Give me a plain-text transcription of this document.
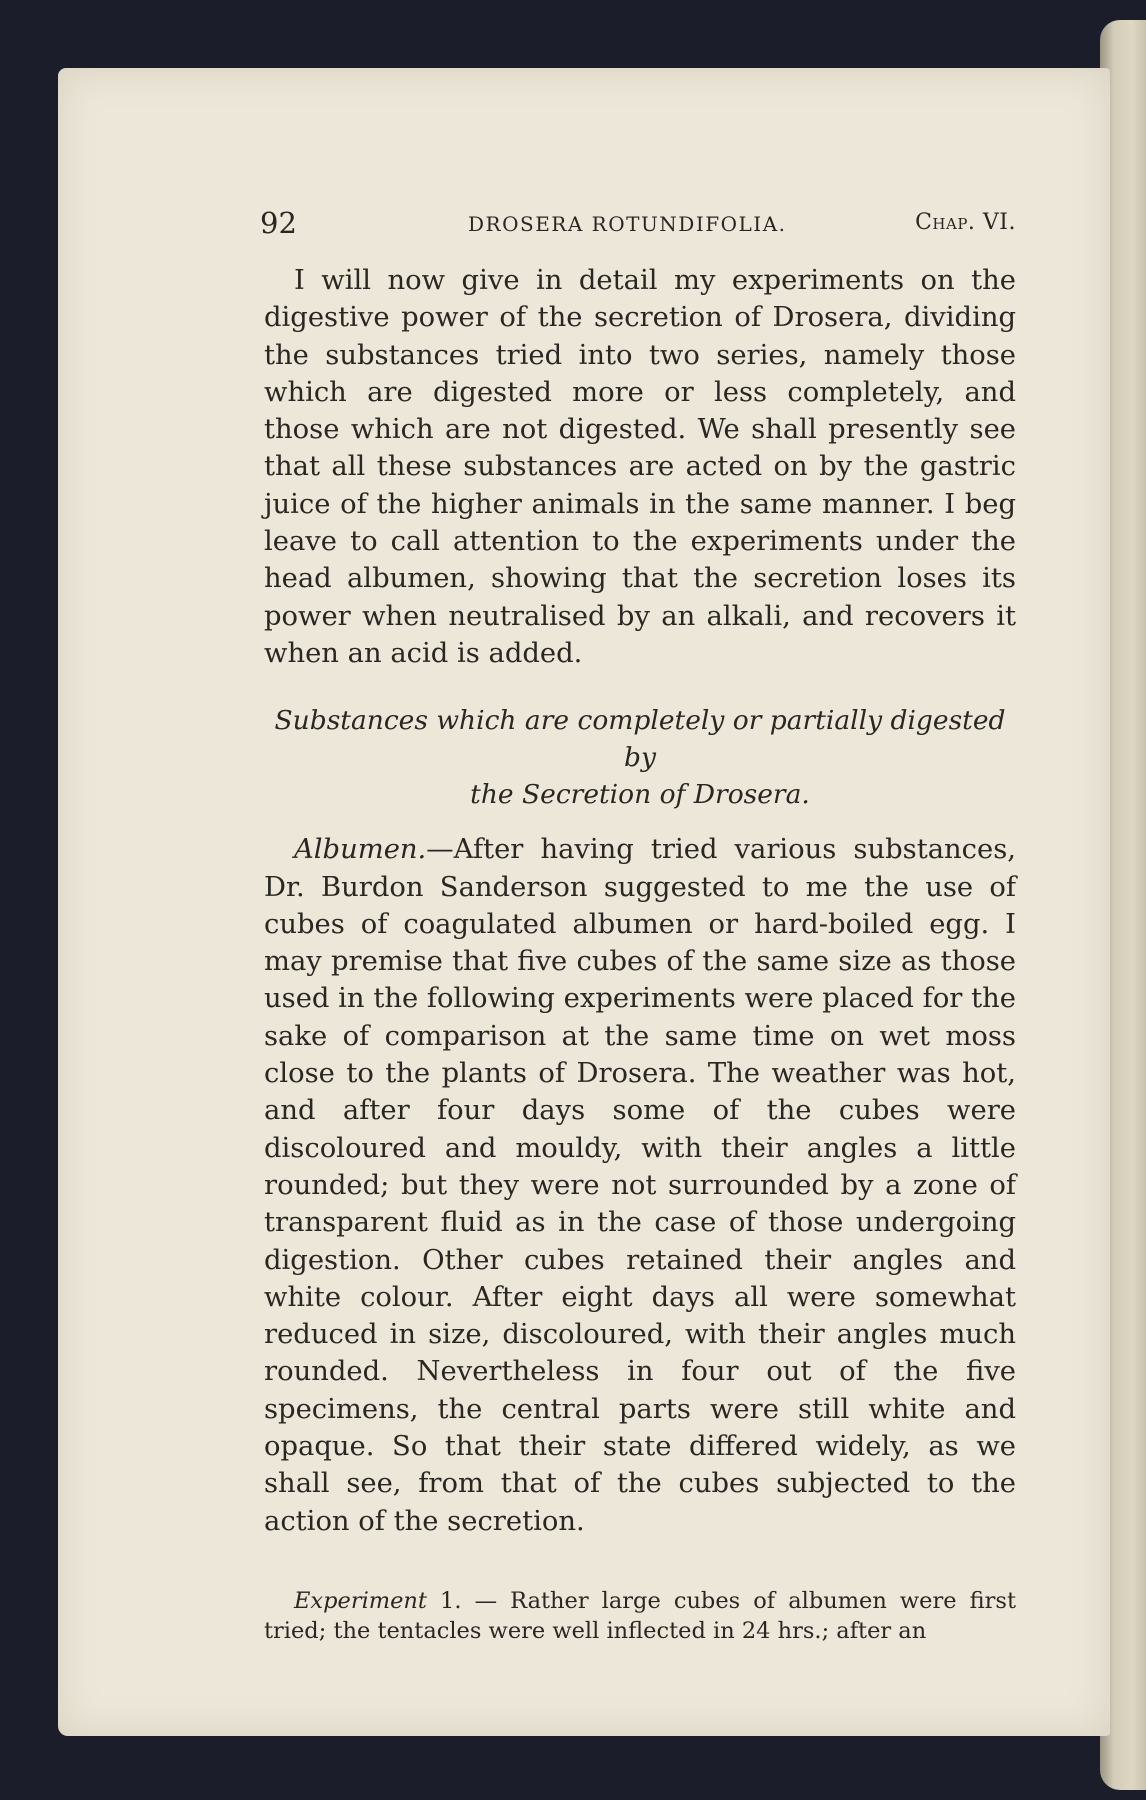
92	DROSERA ROTUNDIFOLIA.	Chap. VI.

I will now give in detail my experiments on the digestive power of the secretion of Drosera, dividing the substances tried into two series, namely those which are digested more or less completely, and those which are not digested. We shall presently see that all these substances are acted on by the gastric juice of the higher animals in the same manner. I beg leave to call attention to the experiments under the head albumen, showing that the secretion loses its power when neutralised by an alkali, and recovers it when an acid is added.

Substances which are completely or partially digested by
the Secretion of Drosera.

Albumen.—After having tried various substances, Dr. Burdon Sanderson suggested to me the use of cubes of coagulated albumen or hard-boiled egg. I may premise that five cubes of the same size as those used in the following experiments were placed for the sake of comparison at the same time on wet moss close to the plants of Drosera. The weather was hot, and after four days some of the cubes were discoloured and mouldy, with their angles a little rounded; but they were not surrounded by a zone of transparent fluid as in the case of those undergoing digestion. Other cubes retained their angles and white colour. After eight days all were somewhat reduced in size, discoloured, with their angles much rounded. Nevertheless in four out of the five specimens, the central parts were still white and opaque. So that their state differed widely, as we shall see, from that of the cubes subjected to the action of the secretion.

Experiment 1. — Rather large cubes of albumen were first tried; the tentacles were well inflected in 24 hrs.; after an
